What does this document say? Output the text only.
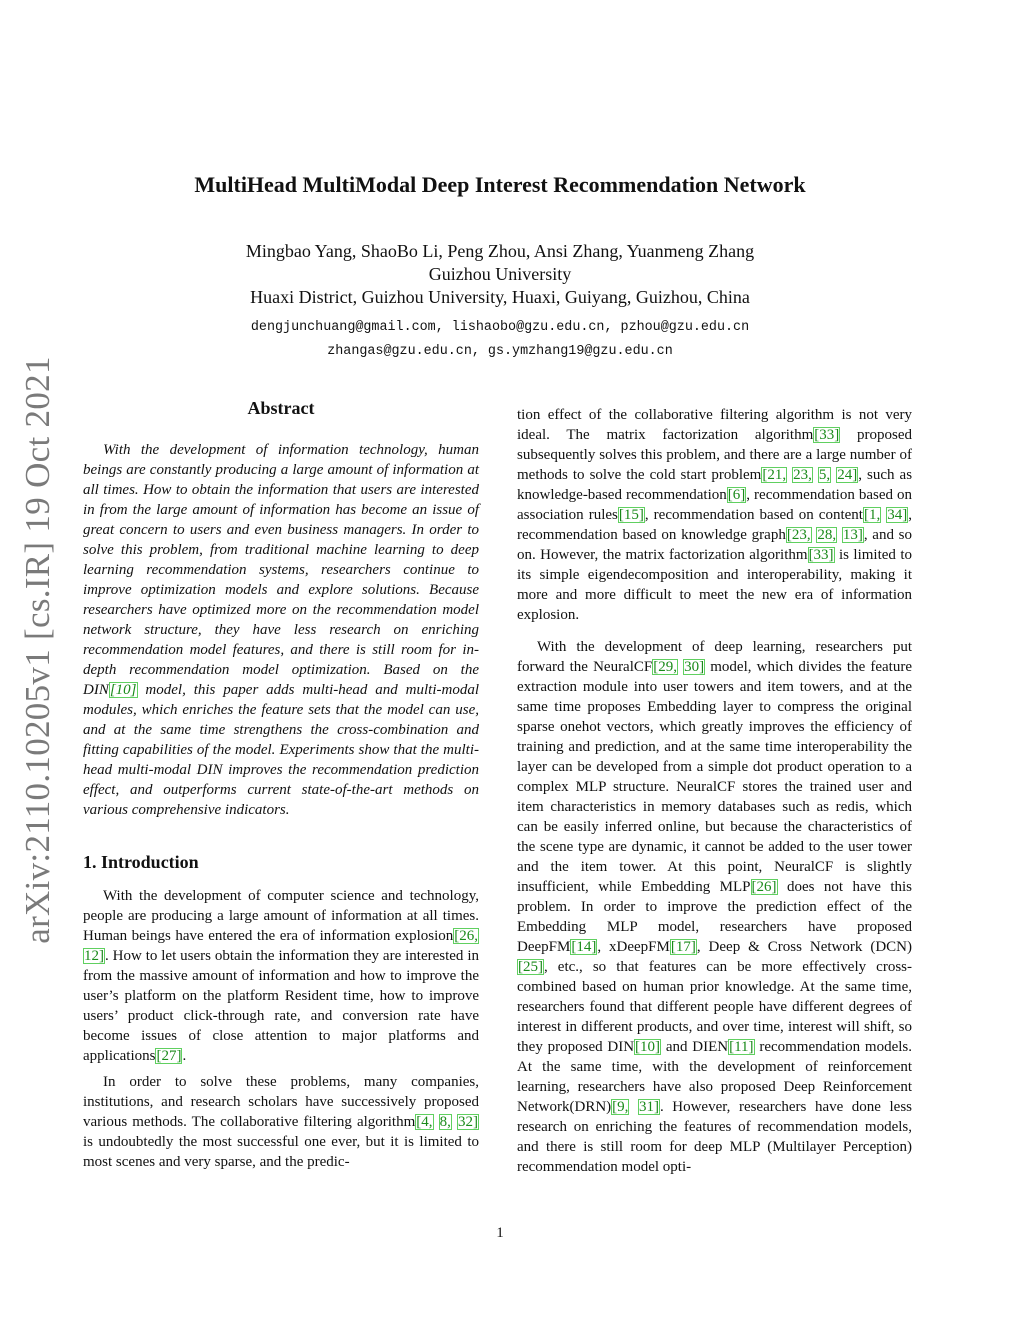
arXiv:2110.10205v1 [cs.IR] 19 Oct 2021
MultiHead MultiModal Deep Interest Recommendation Network
Mingbao Yang, ShaoBo Li, Peng Zhou, Ansi Zhang, Yuanmeng Zhang
Guizhou University
Huaxi District, Guizhou University, Huaxi, Guiyang, Guizhou, China
dengjunchuang@gmail.com, lishaobo@gzu.edu.cn, pzhou@gzu.edu.cn
zhangas@gzu.edu.cn, gs.ymzhang19@gzu.edu.cn

Abstract

With the development of information technology, human beings are constantly producing a large amount of information at all times. How to obtain the information that users are interested in from the large amount of information has become an issue of great concern to users and even business managers. In order to solve this problem, from traditional machine learning to deep learning recommendation systems, researchers continue to improve optimization models and explore solutions. Because researchers have optimized more on the recommendation model network structure, they have less research on enriching recommendation model features, and there is still room for in-depth recommendation model optimization. Based on the DIN[10] model, this paper adds multi-head and multi-modal modules, which enriches the feature sets that the model can use, and at the same time strengthens the cross-combination and fitting capabilities of the model. Experiments show that the multi-head multi-modal DIN improves the recommendation prediction effect, and outperforms current state-of-the-art methods on various comprehensive indicators.

1. Introduction

With the development of computer science and technology, people are producing a large amount of information at all times. Human beings have entered the era of information explosion[26, 12]. How to let users obtain the information they are interested in from the massive amount of information and how to improve the user’s platform on the platform Resident time, how to improve users’ product click-through rate, and conversion rate have become issues of close attention to major platforms and applications[27].

In order to solve these problems, many companies, institutions, and research scholars have successively proposed various methods. The collaborative filtering algorithm[4, 8, 32] is undoubtedly the most successful one ever, but it is limited to most scenes and very sparse, and the predic-

tion effect of the collaborative filtering algorithm is not very ideal. The matrix factorization algorithm[33] proposed subsequently solves this problem, and there are a large number of methods to solve the cold start problem[21, 23, 5, 24], such as knowledge-based recommendation[6], recommendation based on association rules[15], recommendation based on content[1, 34], recommendation based on knowledge graph[23, 28, 13], and so on. However, the matrix factorization algorithm[33] is limited to its simple eigendecomposition and interoperability, making it more and more difficult to meet the new era of information explosion.

With the development of deep learning, researchers put forward the NeuralCF[29, 30] model, which divides the feature extraction module into user towers and item towers, and at the same time proposes Embedding layer to compress the original sparse onehot vectors, which greatly improves the efficiency of training and prediction, and at the same time interoperability the layer can be developed from a simple dot product operation to a complex MLP structure. NeuralCF stores the trained user and item characteristics in memory databases such as redis, which can be easily inferred online, but because the characteristics of the scene type are dynamic, it cannot be added to the user tower and the item tower. At this point, NeuralCF is slightly insufficient, while Embedding MLP[26] does not have this problem. In order to improve the prediction effect of the Embedding MLP model, researchers have proposed DeepFM[14], xDeepFM[17], Deep & Cross Network (DCN)[25], etc., so that features can be more effectively cross-combined based on human prior knowledge. At the same time, researchers found that different people have different degrees of interest in different products, and over time, interest will shift, so they proposed DIN[10] and DIEN[11] recommendation models. At the same time, with the development of reinforcement learning, researchers have also proposed Deep Reinforcement Network(DRN)[9, 31]. However, researchers have done less research on enriching the features of recommendation models, and there is still room for deep MLP (Multilayer Perception) recommendation model opti-

1
